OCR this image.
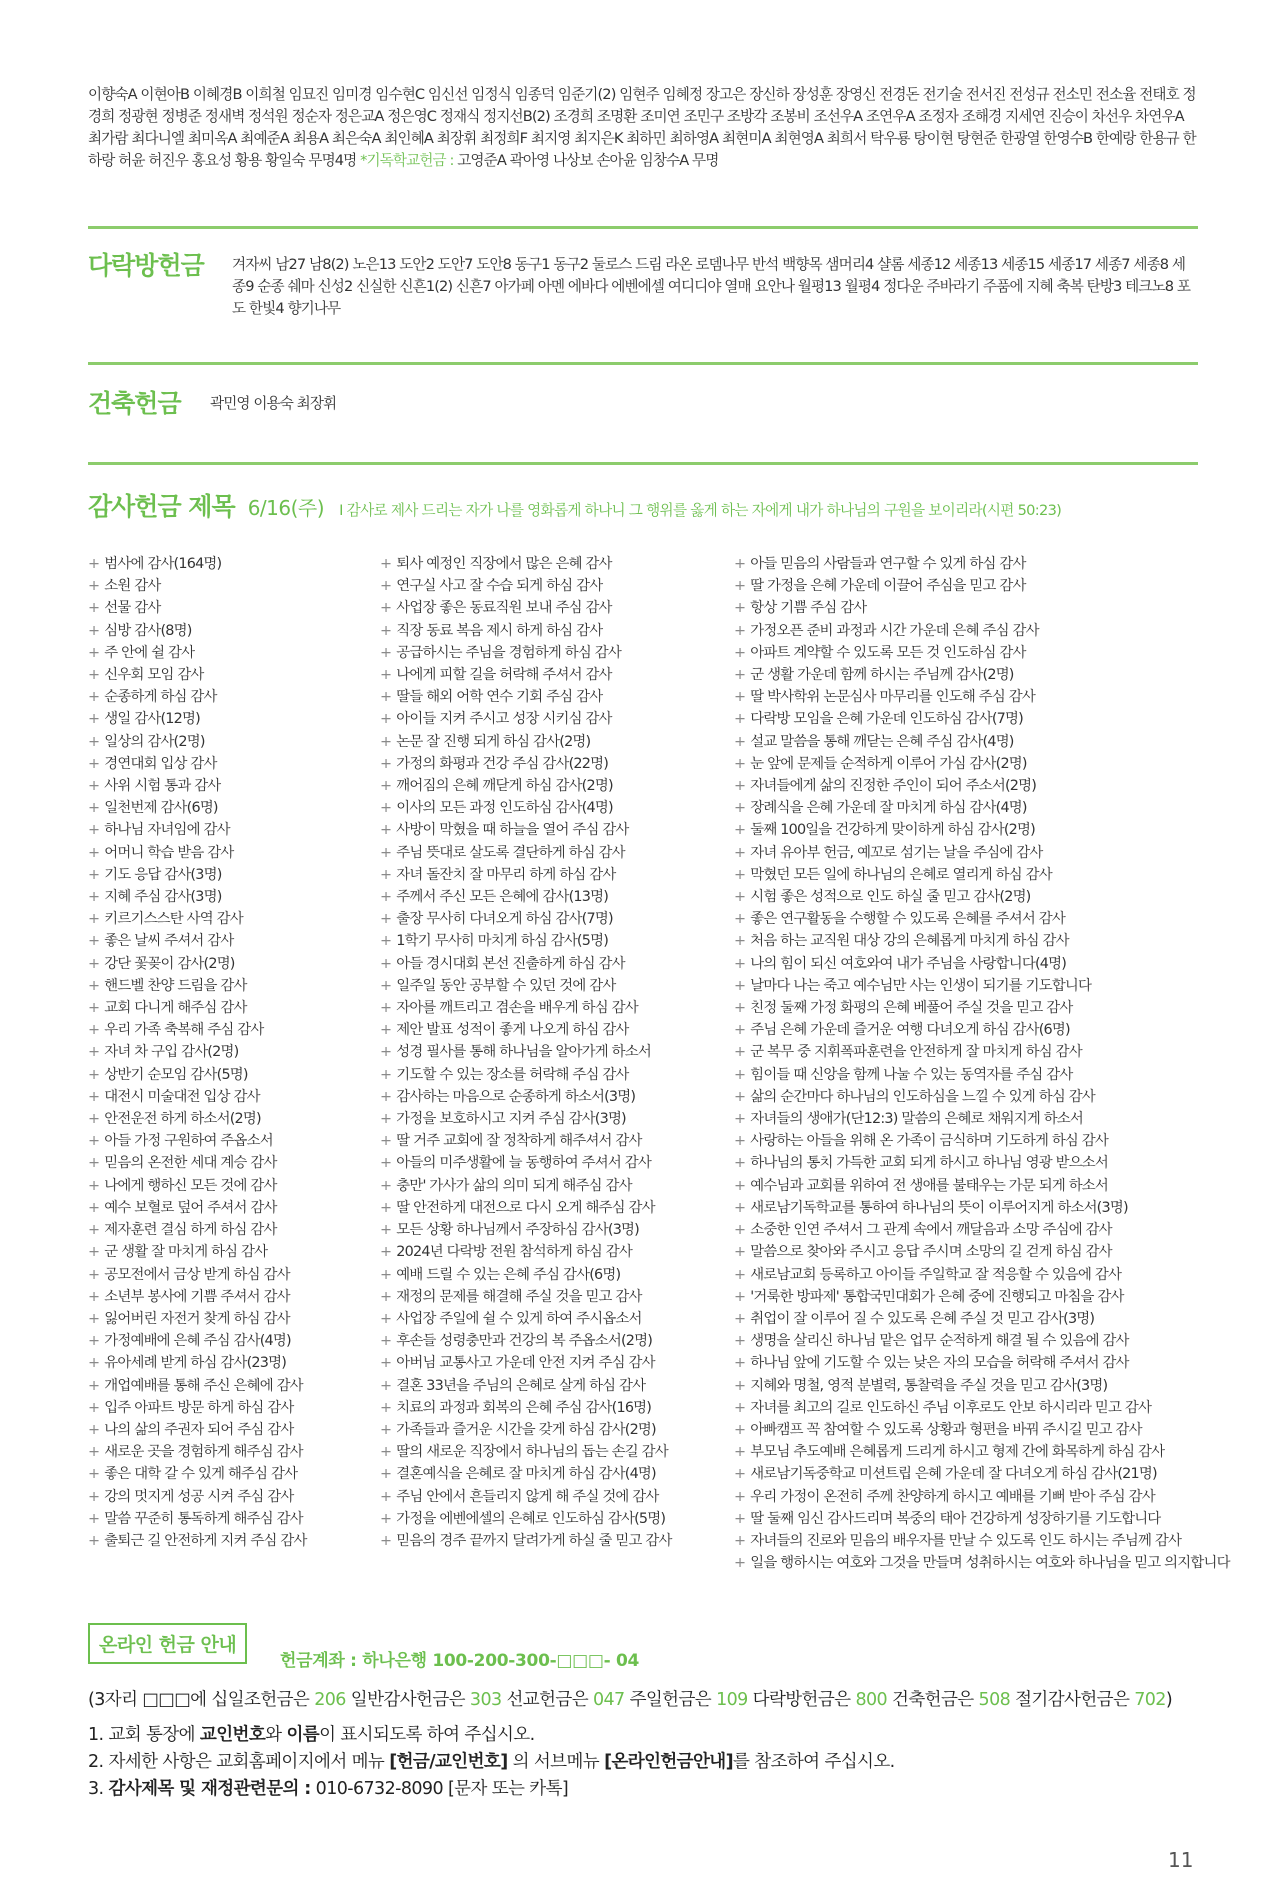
이향숙A 이현아B 이혜경B 이희철 임묘진 임미경 임수현C 임신선 임정식 임종덕 임준기(2) 임현주 임혜정 장고은 장신하 장성훈 장영신 전경돈 전기술 전서진 전성규 전소민 전소율 전태호 정경희 정광현 정병준 정새벽 정석원 정순자 정은교A 정은영C 정재식 정지선B(2) 조경희 조명환 조미연 조민구 조방각 조봉비 조선우A 조연우A 조정자 조해경 지세연 진승이 차선우 차연우A 최가람 최다니엘 최미옥A 최예준A 최용A 최은숙A 최인혜A 최장휘 최정희F 최지영 최지은K 최하민 최하영A 최현미A 최현영A 최희서 탁우룡 탕이현 탕현준 한광열 한영수B 한예랑 한용규 한하랑 허윤 허진우 홍요성 황용 황일숙 무명4명 *기독학교헌금 : 고영준A 곽아영 나상보 손아윤 임창수A 무명
다락방헌금 겨자씨 남27 남8(2) 노은13 도안2 도안7 도안8 동구1 동구2 둘로스 드림 라온 로뎀나무 반석 백향목 샘머리4 샬롬 세종12 세종13 세종15 세종17 세종7 세종8 세종9 순종 쉐마 신성2 신실한 신흔1(2) 신흔7 아가페 아멘 에바다 에벤에셀 여디디야 열매 요안나 월평13 월평4 정다운 주바라기 주품에 지혜 축복 탄방3 테크노8 포도 한빛4 향기나무
건축헌금 곽민영 이용숙 최장휘
감사헌금 제목 6/16(주) I 감사로 제사 드리는 자가 나를 영화롭게 하나니 그 행위를 옳게 하는 자에게 내가 하나님의 구원을 보이리라(시편 50:23)
+ 범사에 감사(164명)
+ 소원 감사
+ 선물 감사
+ 심방 감사(8명)
+ 주 안에 쉴 감사
+ 신우회 모임 감사
+ 순종하게 하심 감사
+ 생일 감사(12명)
+ 일상의 감사(2명)
+ 경연대회 입상 감사
+ 사위 시험 통과 감사
+ 일천번제 감사(6명)
+ 하나님 자녀임에 감사
+ 어머니 학습 받음 감사
+ 기도 응답 감사(3명)
+ 지혜 주심 감사(3명)
+ 키르기스스탄 사역 감사
+ 좋은 날씨 주셔서 감사
+ 강단 꽃꽂이 감사(2명)
+ 핸드벨 찬양 드림을 감사
+ 교회 다니게 해주심 감사
+ 우리 가족 축복해 주심 감사
+ 자녀 차 구입 감사(2명)
+ 상반기 순모임 감사(5명)
+ 대전시 미술대전 입상 감사
+ 안전운전 하게 하소서(2명)
+ 아들 가정 구원하여 주옵소서
+ 믿음의 온전한 세대 계승 감사
+ 나에게 행하신 모든 것에 감사
+ 예수 보혈로 덮어 주셔서 감사
+ 제자훈련 결심 하게 하심 감사
+ 군 생활 잘 마치게 하심 감사
+ 공모전에서 금상 받게 하심 감사
+ 소년부 봉사에 기쁨 주셔서 감사
+ 잃어버린 자전거 찾게 하심 감사
+ 가정예배에 은혜 주심 감사(4명)
+ 유아세례 받게 하심 감사(23명)
+ 개업예배를 통해 주신 은혜에 감사
+ 입주 아파트 방문 하게 하심 감사
+ 나의 삶의 주권자 되어 주심 감사
+ 새로운 곳을 경험하게 해주심 감사
+ 좋은 대학 갈 수 있게 해주심 감사
+ 강의 멋지게 성공 시켜 주심 감사
+ 말씀 꾸준히 통독하게 해주심 감사
+ 출퇴근 길 안전하게 지켜 주심 감사
+ 퇴사 예정인 직장에서 많은 은혜 감사
+ 연구실 사고 잘 수습 되게 하심 감사
+ 사업장 좋은 동료직원 보내 주심 감사
+ 직장 동료 복음 제시 하게 하심 감사
+ 공급하시는 주님을 경험하게 하심 감사
+ 나에게 피할 길을 허락해 주셔서 감사
+ 딸들 해외 어학 연수 기회 주심 감사
+ 아이들 지켜 주시고 성장 시키심 감사
+ 논문 잘 진행 되게 하심 감사(2명)
+ 가정의 화평과 건강 주심 감사(22명)
+ 깨어짐의 은혜 깨닫게 하심 감사(2명)
+ 이사의 모든 과정 인도하심 감사(4명)
+ 사방이 막혔을 때 하늘을 열어 주심 감사
+ 주님 뜻대로 살도록 결단하게 하심 감사
+ 자녀 돌잔치 잘 마무리 하게 하심 감사
+ 주께서 주신 모든 은혜에 감사(13명)
+ 출장 무사히 다녀오게 하심 감사(7명)
+ 1학기 무사히 마치게 하심 감사(5명)
+ 아들 경시대회 본선 진출하게 하심 감사
+ 일주일 동안 공부할 수 있던 것에 감사
+ 자아를 깨트리고 겸손을 배우게 하심 감사
+ 제안 발표 성적이 좋게 나오게 하심 감사
+ 성경 필사를 통해 하나님을 알아가게 하소서
+ 기도할 수 있는 장소를 허락해 주심 감사
+ 감사하는 마음으로 순종하게 하소서(3명)
+ 가정을 보호하시고 지켜 주심 감사(3명)
+ 딸 거주 교회에 잘 정착하게 해주셔서 감사
+ 아들의 미주생활에 늘 동행하여 주셔서 감사
+ 충만' 가사가 삶의 의미 되게 해주심 감사
+ 딸 안전하게 대전으로 다시 오게 해주심 감사
+ 모든 상황 하나님께서 주장하심 감사(3명)
+ 2024년 다락방 전원 참석하게 하심 감사
+ 예배 드릴 수 있는 은혜 주심 감사(6명)
+ 재정의 문제를 해결해 주실 것을 믿고 감사
+ 사업장 주일에 쉴 수 있게 하여 주시옵소서
+ 후손들 성령충만과 건강의 복 주옵소서(2명)
+ 아버님 교통사고 가운데 안전 지켜 주심 감사
+ 결혼 33년을 주님의 은혜로 살게 하심 감사
+ 치료의 과정과 회복의 은혜 주심 감사(16명)
+ 가족들과 즐거운 시간을 갖게 하심 감사(2명)
+ 딸의 새로운 직장에서 하나님의 돕는 손길 감사
+ 결혼예식을 은혜로 잘 마치게 하심 감사(4명)
+ 주님 안에서 흔들리지 않게 해 주실 것에 감사
+ 가정을 에벤에셀의 은혜로 인도하심 감사(5명)
+ 믿음의 경주 끝까지 달려가게 하실 줄 믿고 감사
+ 아들 믿음의 사람들과 연구할 수 있게 하심 감사
+ 딸 가정을 은혜 가운데 이끌어 주심을 믿고 감사
+ 항상 기쁨 주심 감사
+ 가정오픈 준비 과정과 시간 가운데 은혜 주심 감사
+ 아파트 계약할 수 있도록 모든 것 인도하심 감사
+ 군 생활 가운데 함께 하시는 주님께 감사(2명)
+ 딸 박사학위 논문심사 마무리를 인도해 주심 감사
+ 다락방 모임을 은혜 가운데 인도하심 감사(7명)
+ 설교 말씀을 통해 깨닫는 은혜 주심 감사(4명)
+ 눈 앞에 문제들 순적하게 이루어 가심 감사(2명)
+ 자녀들에게 삶의 진정한 주인이 되어 주소서(2명)
+ 장례식을 은혜 가운데 잘 마치게 하심 감사(4명)
+ 둘째 100일을 건강하게 맞이하게 하심 감사(2명)
+ 자녀 유아부 헌금, 예꼬로 섬기는 날을 주심에 감사
+ 막혔던 모든 일에 하나님의 은혜로 열리게 하심 감사
+ 시험 좋은 성적으로 인도 하실 줄 믿고 감사(2명)
+ 좋은 연구활동을 수행할 수 있도록 은혜를 주셔서 감사
+ 처음 하는 교직원 대상 강의 은혜롭게 마치게 하심 감사
+ 나의 힘이 되신 여호와여 내가 주님을 사랑합니다(4명)
+ 날마다 나는 죽고 예수님만 사는 인생이 되기를 기도합니다
+ 친정 둘째 가정 화평의 은혜 베풀어 주실 것을 믿고 감사
+ 주님 은혜 가운데 즐거운 여행 다녀오게 하심 감사(6명)
+ 군 복무 중 지휘폭파훈련을 안전하게 잘 마치게 하심 감사
+ 힘이들 때 신앙을 함께 나눌 수 있는 동역자를 주심 감사
+ 삶의 순간마다 하나님의 인도하심을 느낄 수 있게 하심 감사
+ 자녀들의 생애가(단12:3) 말씀의 은혜로 채워지게 하소서
+ 사랑하는 아들을 위해 온 가족이 금식하며 기도하게 하심 감사
+ 하나님의 통치 가득한 교회 되게 하시고 하나님 영광 받으소서
+ 예수님과 교회를 위하여 전 생애를 불태우는 가문 되게 하소서
+ 새로남기독학교를 통하여 하나님의 뜻이 이루어지게 하소서(3명)
+ 소중한 인연 주셔서 그 관계 속에서 깨달음과 소망 주심에 감사
+ 말씀으로 찾아와 주시고 응답 주시며 소망의 길 걷게 하심 감사
+ 새로남교회 등록하고 아이들 주일학교 잘 적응할 수 있음에 감사
+ '거룩한 방파제' 통합국민대회가 은혜 중에 진행되고 마침을 감사
+ 취업이 잘 이루어 질 수 있도록 은혜 주실 것 믿고 감사(3명)
+ 생명을 살리신 하나님 맡은 업무 순적하게 해결 될 수 있음에 감사
+ 하나님 앞에 기도할 수 있는 낮은 자의 모습을 허락해 주셔서 감사
+ 지혜와 명철, 영적 분별력, 통찰력을 주실 것을 믿고 감사(3명)
+ 자녀를 최고의 길로 인도하신 주님 이후로도 안보 하시리라 믿고 감사
+ 아빠캠프 꼭 참여할 수 있도록 상황과 형편을 바꿔 주시길 믿고 감사
+ 부모님 추도예배 은혜롭게 드리게 하시고 형제 간에 화목하게 하심 감사
+ 새로남기독중학교 미션트립 은혜 가운데 잘 다녀오게 하심 감사(21명)
+ 우리 가정이 온전히 주께 찬양하게 하시고 예배를 기뻐 받아 주심 감사
+ 딸 둘째 임신 감사드리며 복중의 태아 건강하게 성장하기를 기도합니다
+ 자녀들의 진로와 믿음의 배우자를 만날 수 있도록 인도 하시는 주님께 감사
+ 일을 행하시는 여호와 그것을 만들며 성취하시는 여호와 하나님을 믿고 의지합니다
온라인 헌금 안내
헌금계좌 : 하나은행 100-200-300-□□□- 04
(3자리 □□□에 십일조헌금은 206 일반감사헌금은 303 선교헌금은 047 주일헌금은 109 다락방헌금은 800 건축헌금은 508 절기감사헌금은 702)
1. 교회 통장에 교인번호와 이름이 표시되도록 하여 주십시오.
2. 자세한 사항은 교회홈페이지에서 메뉴 [헌금/교인번호] 의 서브메뉴 [온라인헌금안내]를 참조하여 주십시오.
3. 감사제목 및 재정관련문의 : 010-6732-8090 [문자 또는 카톡]
11
